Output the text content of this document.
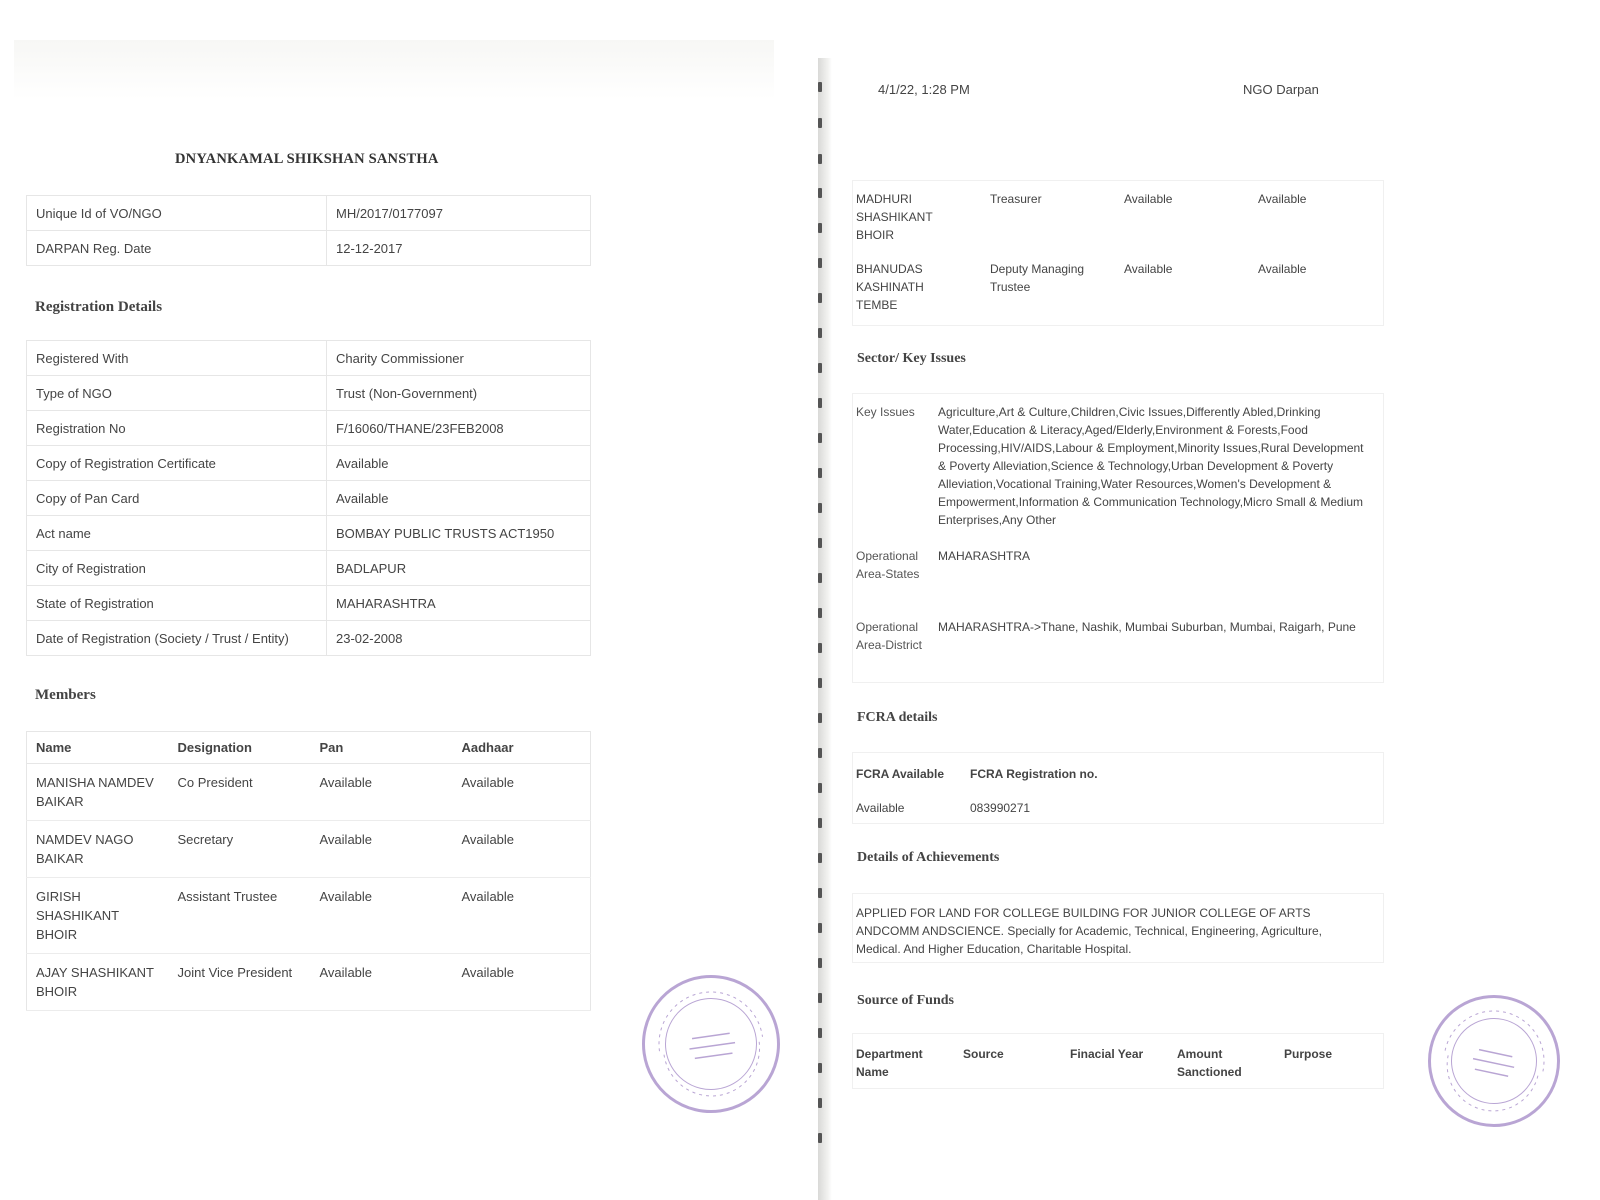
DNYANKAMAL SHIKSHAN SANSTHA
Unique Id of VO/NGO	MH/2017/0177097
DARPAN Reg. Date	12-12-2017
Registration Details
Registered With	Charity Commissioner
Type of NGO	Trust (Non-Government)
Registration No	F/16060/THANE/23FEB2008
Copy of Registration Certificate	Available
Copy of Pan Card	Available
Act name	BOMBAY PUBLIC TRUSTS ACT1950
City of Registration	BADLAPUR
State of Registration	MAHARASHTRA
Date of Registration (Society / Trust / Entity)	23-02-2008
Members
Name	Designation	Pan	Aadhaar
MANISHA NAMDEV BAIKAR	Co President	Available	Available
NAMDEV NAGO BAIKAR	Secretary	Available	Available
GIRISH SHASHIKANT BHOIR	Assistant Trustee	Available	Available
AJAY SHASHIKANT BHOIR	Joint Vice President	Available	Available
4/1/22, 1:28 PM	NGO Darpan
MADHURI SHASHIKANT BHOIR
Treasurer	Available	Available
BHANUDAS KASHINATH TEMBE
Deputy Managing Trustee
Available	Available
Sector/ Key Issues
Key Issues	Agriculture,Art & Culture,Children,Civic Issues,Differently Abled,Drinking Water,Education & Literacy,Aged/Elderly,Environment & Forests,Food Processing,HIV/AIDS,Labour & Employment,Minority Issues,Rural Development & Poverty Alleviation,Science & Technology,Urban Development & Poverty Alleviation,Vocational Training,Water Resources,Women's Development & Empowerment,Information & Communication Technology,Micro Small & Medium Enterprises,Any Other
Operational Area-States
MAHARASHTRA
Operational Area-District
MAHARASHTRA->Thane, Nashik, Mumbai Suburban, Mumbai, Raigarh, Pune
FCRA details
FCRA Available FCRA Registration no.
Available	083990271
Details of Achievements
APPLIED FOR LAND FOR COLLEGE BUILDING FOR JUNIOR COLLEGE OF ARTS ANDCOMM ANDSCIENCE. Specially for Academic, Technical, Engineering, Agriculture, Medical. And Higher Education, Charitable Hospital.
Source of Funds
Department Name
Source	Finacial Year	Amount Sanctioned
Purpose
